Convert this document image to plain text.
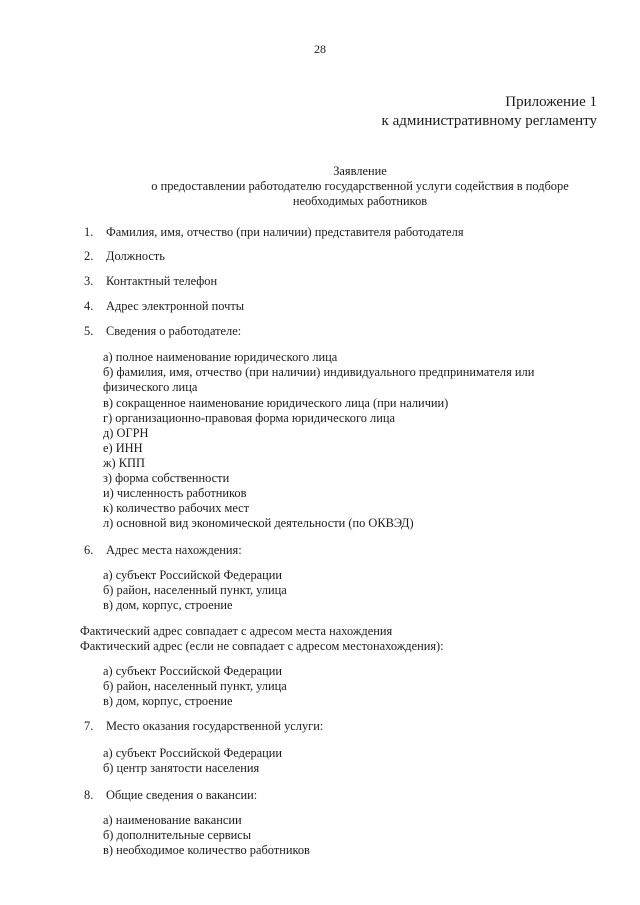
28
Приложение 1
к административному регламенту
Заявление
о предоставлении работодателю государственной услуги содействия в подборе
необходимых работников
1. Фамилия, имя, отчество (при наличии) представителя работодателя
2. Должность
3. Контактный телефон
4. Адрес электронной почты
5. Сведения о работодателе:
а) полное наименование юридического лица
б) фамилия, имя, отчество (при наличии) индивидуального предпринимателя или
физического лица
в) сокращенное наименование юридического лица (при наличии)
г) организационно-правовая форма юридического лица
д) ОГРН
е) ИНН
ж) КПП
з) форма собственности
и) численность работников
к) количество рабочих мест
л) основной вид экономической деятельности (по ОКВЭД)
6. Адрес места нахождения:
а) субъект Российской Федерации
б) район, населенный пункт, улица
в) дом, корпус, строение
Фактический адрес совпадает с адресом места нахождения
Фактический адрес (если не совпадает с адресом местонахождения):
а) субъект Российской Федерации
б) район, населенный пункт, улица
в) дом, корпус, строение
7. Место оказания государственной услуги:
а) субъект Российской Федерации
б) центр занятости населения
8. Общие сведения о вакансии:
а) наименование вакансии
б) дополнительные сервисы
в) необходимое количество работников
